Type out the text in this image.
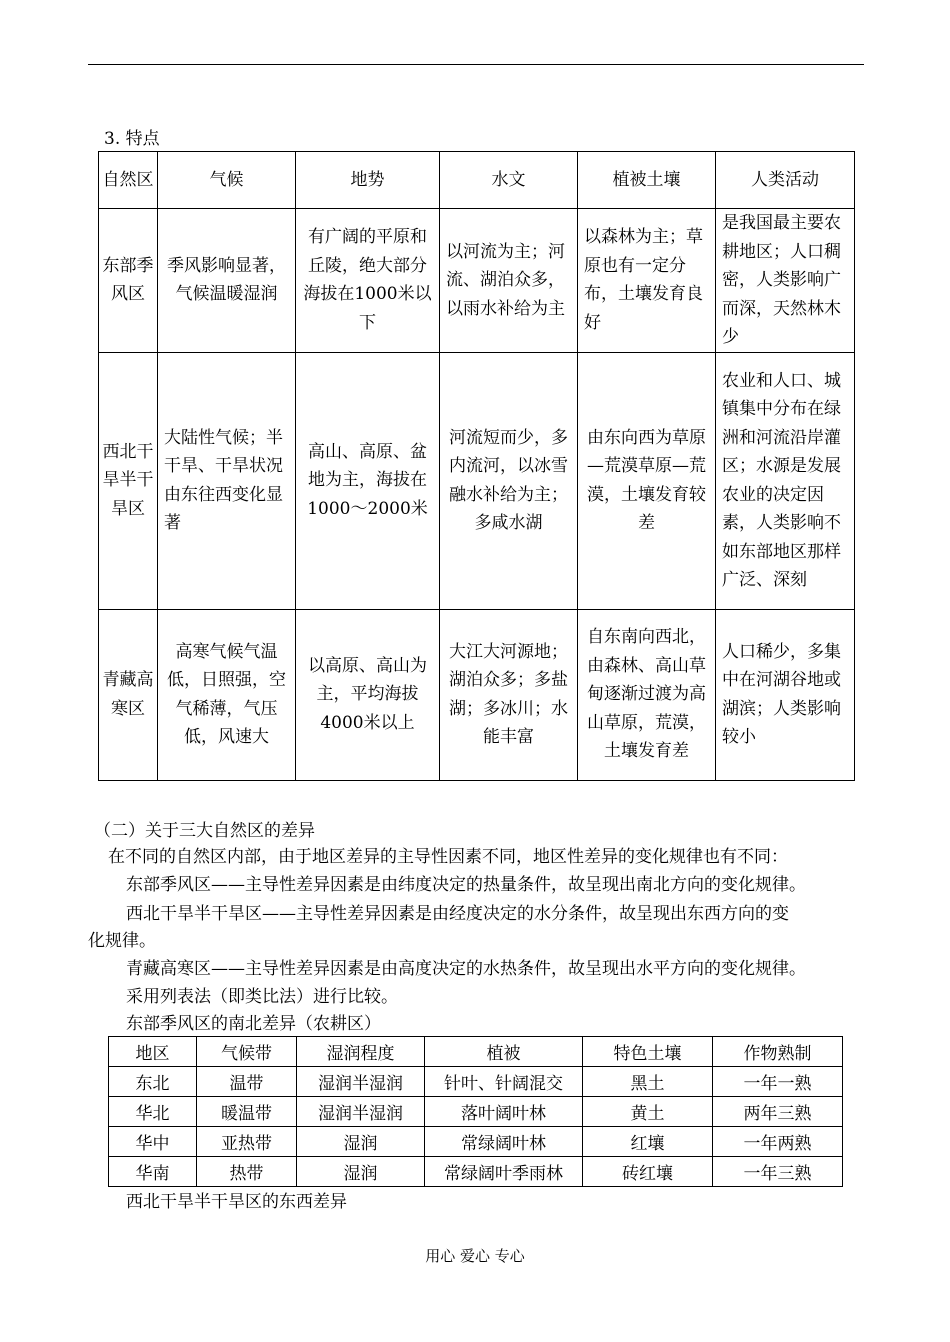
3. 特点
自然区	气候	地势	水文	植被土壤	人类活动
东部季风区	季风影响显著，气候温暖湿润	有广阔的平原和丘陵，绝大部分海拔在1000米以下	以河流为主；河流、湖泊众多，以雨水补给为主	以森林为主；草原也有一定分布，土壤发育良好	是我国最主要农耕地区；人口稠密，人类影响广而深，天然林木少
西北干旱半干旱区	大陆性气候；半干旱、干旱状况由东往西变化显著	高山、高原、盆地为主，海拔在1000～2000米	河流短而少，多内流河，以冰雪融水补给为主；多咸水湖	由东向西为草原—荒漠草原—荒漠，土壤发育较差	农业和人口、城镇集中分布在绿洲和河流沿岸灌区；水源是发展农业的决定因素，人类影响不如东部地区那样广泛、深刻
青藏高寒区	高寒气候气温低，日照强，空气稀薄，气压低，风速大	以高原、高山为主，平均海拔4000米以上	大江大河源地；湖泊众多；多盐湖；多冰川；水能丰富	自东南向西北，由森林、高山草甸逐渐过渡为高山草原，荒漠，土壤发育差	人口稀少，多集中在河湖谷地或湖滨；人类影响较小
（二）关于三大自然区的差异
在不同的自然区内部，由于地区差异的主导性因素不同，地区性差异的变化规律也有不同：
东部季风区——主导性差异因素是由纬度决定的热量条件，故呈现出南北方向的变化规律。
西北干旱半干旱区——主导性差异因素是由经度决定的水分条件，故呈现出东西方向的变
化规律。
青藏高寒区——主导性差异因素是由高度决定的水热条件，故呈现出水平方向的变化规律。
采用列表法（即类比法）进行比较。
东部季风区的南北差异（农耕区）
地区	气候带	湿润程度	植被	特色土壤	作物熟制
东北	温带	湿润半湿润	针叶、针阔混交	黑土	一年一熟
华北	暖温带	湿润半湿润	落叶阔叶林	黄土	两年三熟
华中	亚热带	湿润	常绿阔叶林	红壤	一年两熟
华南	热带	湿润	常绿阔叶季雨林	砖红壤	一年三熟
西北干旱半干旱区的东西差异
用心 爱心 专心
